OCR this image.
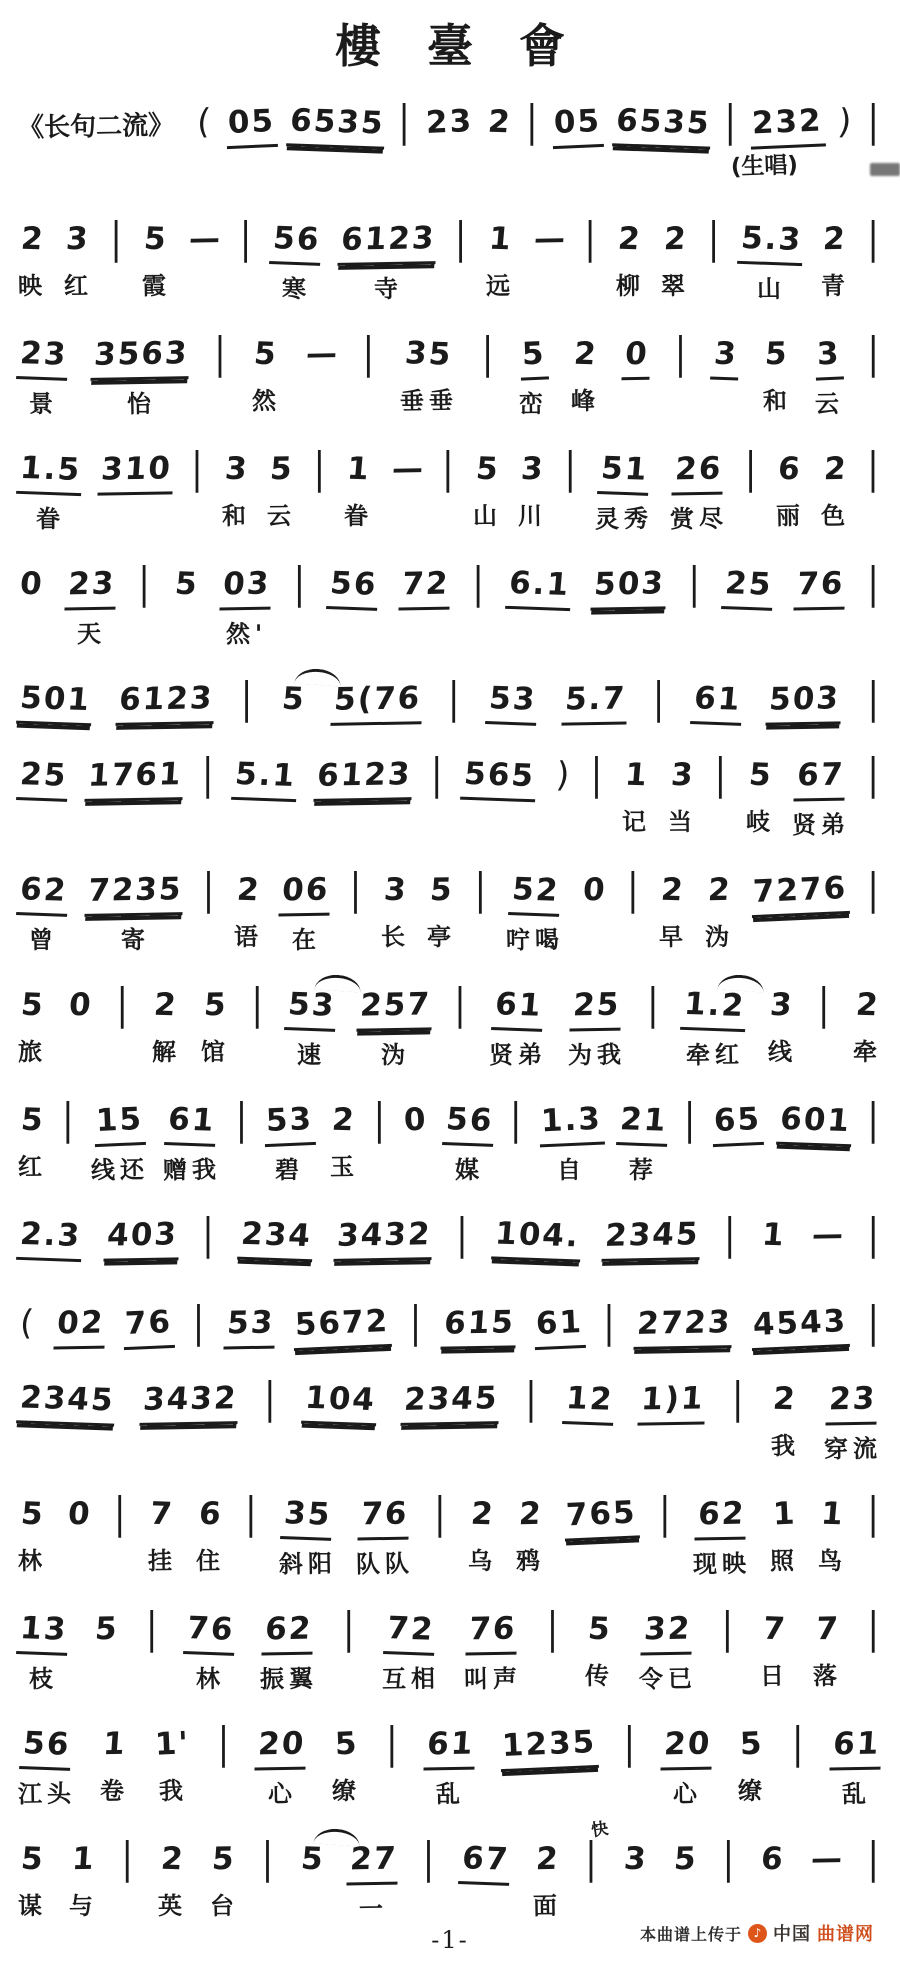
樓臺會
《长句二流》 ( 05 6535 | 23 2 | 05 6535 | 232 ) |

(生唱)

2
映
3
红
| 5
霞
— | 56
寒
6123
寺
| 1
远
— | 2
柳
2
翠
| 5.3
山
2
青
|
23
景
3563
怡
| 5
然
— | 35
垂垂
| 5
峦
2
峰
0 | 3 5
和
3
云
|
1.5
眷
310 | 3
和
5
云
| 1
眷
— | 5
山
3
川
| 51
灵秀
26
赏尽
| 6
丽
2
色
|
0 23
天
| 5 03
然'
| 56 72 | 6.1 503 | 25 76 |
501 6123 | 5 5(76 | 53 5.7 | 61 503 |
25 1761 | 5.1 6123 | 565 ) | 1
记
3
当
| 5
岐
67
贤弟
|
62
曾
7235
寄
| 2
语
06
在
| 3
长
5
亭
| 52
咛喝
0 | 2
早
2
沩
7276 |
5
旅
0 | 2
解
5
馆
| 53
速
257
沩
| 61
贤弟
25
为我
| 1.2
牵红
3
线
| 2
牵
5
红
| 15
线还
61
赠我
| 53
碧
2
玉
| 0 56
媒
| 1.3
自
21
荐
| 65 601 |
2.3 403 | 234 3432 | 104. 2345 | 1 — |
( 02 76 | 53 5672 | 615 61 | 2723 4543 |
2345 3432 | 104 2345 | 12 1)1 | 2
我
23
穿流
5
林
0 | 7
挂
6
住
| 35
斜阳
76
队队
| 2
乌
2
鸦
765 | 62
现映
1
照
1
鸟
|
13
枝
5 | 76
林
62
振翼
| 72
互相
76
叫声
| 5
传
32
令已
| 7
日
7
落
|
56
江头
1
卷
1'
我
| 20
心
5
缭
| 61
乱
1235 | 20
心
5
缭
| 61
乱
5
谋
1
与
| 2
英
5
台
| 5 27
一
| 67 2
面
|
快
3 5 | 6 — |
-1-	本曲谱上传于 ♪ 中国 曲谱网
